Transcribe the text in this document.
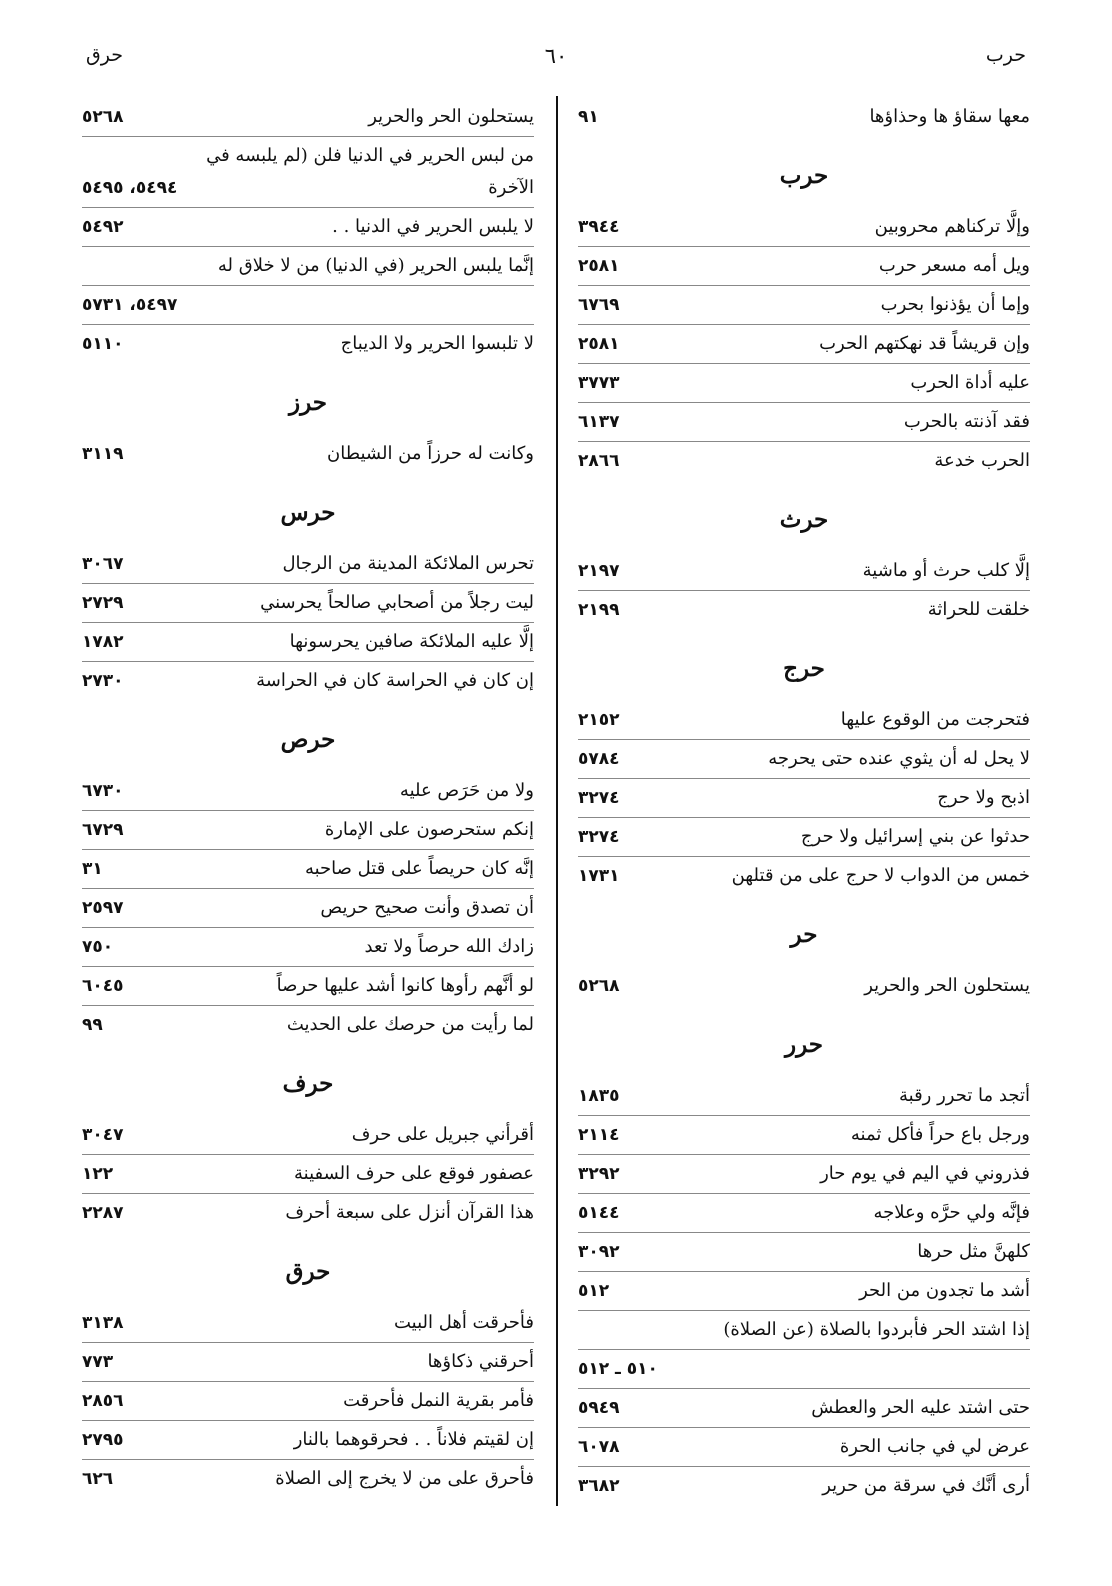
حرق	٦٠	حرب
معها سقاؤ ها وحذاؤها
٩١
حرب
وإلَّا تركناهم محروبين
٣٩٤٤
ويل أمه مسعر حرب
٢٥٨١
وإما أن يؤذنوا بحرب
٦٧٦٩
وإن قريشاً قد نهكتهم الحرب
٢٥٨١
عليه أداة الحرب
٣٧٧٣
فقد آذنته بالحرب
٦١٣٧
الحرب خدعة
٢٨٦٦
حرث
إلَّا كلب حرث أو ماشية
٢١٩٧
خلقت للحراثة
٢١٩٩
حرج
فتحرجت من الوقوع عليها
٢١٥٢
لا يحل له أن يثوي عنده حتى يحرجه
٥٧٨٤
اذبح ولا حرج
٣٢٧٤
حدثوا عن بني إسرائيل ولا حرج
٣٢٧٤
خمس من الدواب لا حرج على من قتلهن
١٧٣١
حر
يستحلون الحر والحرير
٥٢٦٨
حرر
أتجد ما تحرر رقبة
١٨٣٥
ورجل باع حراً فأكل ثمنه
٢١١٤
فذروني في اليم في يوم حار
٣٢٩٢
فإنَّه ولي حرَّه وعلاجه
٥١٤٤
كلهنَّ مثل حرها
٣٠٩٢
أشد ما تجدون من الحر
٥١٢
إذا اشتد الحر فأبردوا بالصلاة (عن الصلاة)
٥١٠ ـ ٥١٢
حتى اشتد عليه الحر والعطش
٥٩٤٩
عرض لي في جانب الحرة
٦٠٧٨
أرى أنَّك في سرقة من حرير
٣٦٨٢
يستحلون الحر والحرير
٥٢٦٨
من لبس الحرير في الدنيا فلن (لم يلبسه في
الآخرة
٥٤٩٤، ٥٤٩٥
لا يلبس الحرير في الدنيا . .
٥٤٩٢
إنَّما يلبس الحرير (في الدنيا) من لا خلاق له
٥٤٩٧، ٥٧٣١
لا تلبسوا الحرير ولا الديباج
٥١١٠
حرز
وكانت له حرزاً من الشيطان
٣١١٩
حرس
تحرس الملائكة المدينة من الرجال
٣٠٦٧
ليت رجلاً من أصحابي صالحاً يحرسني
٢٧٢٩
إلَّا عليه الملائكة صافين يحرسونها
١٧٨٢
إن كان في الحراسة كان في الحراسة
٢٧٣٠
حرص
ولا من حَرَص عليه
٦٧٣٠
إنكم ستحرصون على الإمارة
٦٧٢٩
إنَّه كان حريصاً على قتل صاحبه
٣١
أن تصدق وأنت صحيح حريص
٢٥٩٧
زادك الله حرصاً ولا تعد
٧٥٠
لو أنَّهم رأوها كانوا أشد عليها حرصاً
٦٠٤٥
لما رأيت من حرصك على الحديث
٩٩
حرف
أقرأني جبريل على حرف
٣٠٤٧
عصفور فوقع على حرف السفينة
١٢٢
هذا القرآن أنزل على سبعة أحرف
٢٢٨٧
حرق
فأحرقت أهل البيت
٣١٣٨
أحرقني ذكاؤها
٧٧٣
فأمر بقرية النمل فأحرقت
٢٨٥٦
إن لقيتم فلاناً . . فحرقوهما بالنار
٢٧٩٥
فأحرق على من لا يخرج إلى الصلاة
٦٢٦
